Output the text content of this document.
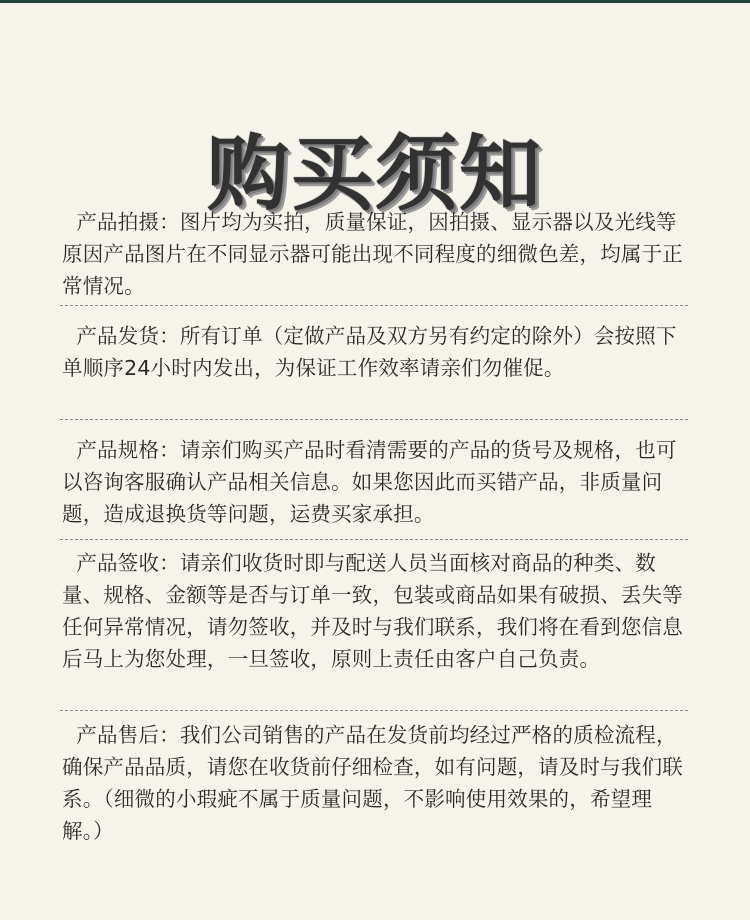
购买须知

产品拍摄：图片均为实拍，质量保证，因拍摄、显示器以及光线等原因产品图片在不同显示器可能出现不同程度的细微色差，均属于正常情况。

产品发货：所有订单（定做产品及双方另有约定的除外）会按照下单顺序24小时内发出，为保证工作效率请亲们勿催促。

产品规格：请亲们购买产品时看清需要的产品的货号及规格，也可以咨询客服确认产品相关信息。如果您因此而买错产品，非质量问题，造成退换货等问题，运费买家承担。

产品签收：请亲们收货时即与配送人员当面核对商品的种类、数量、规格、金额等是否与订单一致，包装或商品如果有破损、丢失等任何异常情况，请勿签收，并及时与我们联系，我们将在看到您信息后马上为您处理，一旦签收，原则上责任由客户自己负责。

产品售后：我们公司销售的产品在发货前均经过严格的质检流程，确保产品品质，请您在收货前仔细检查，如有问题，请及时与我们联系。（细微的小瑕疵不属于质量问题，不影响使用效果的，希望理解。）
